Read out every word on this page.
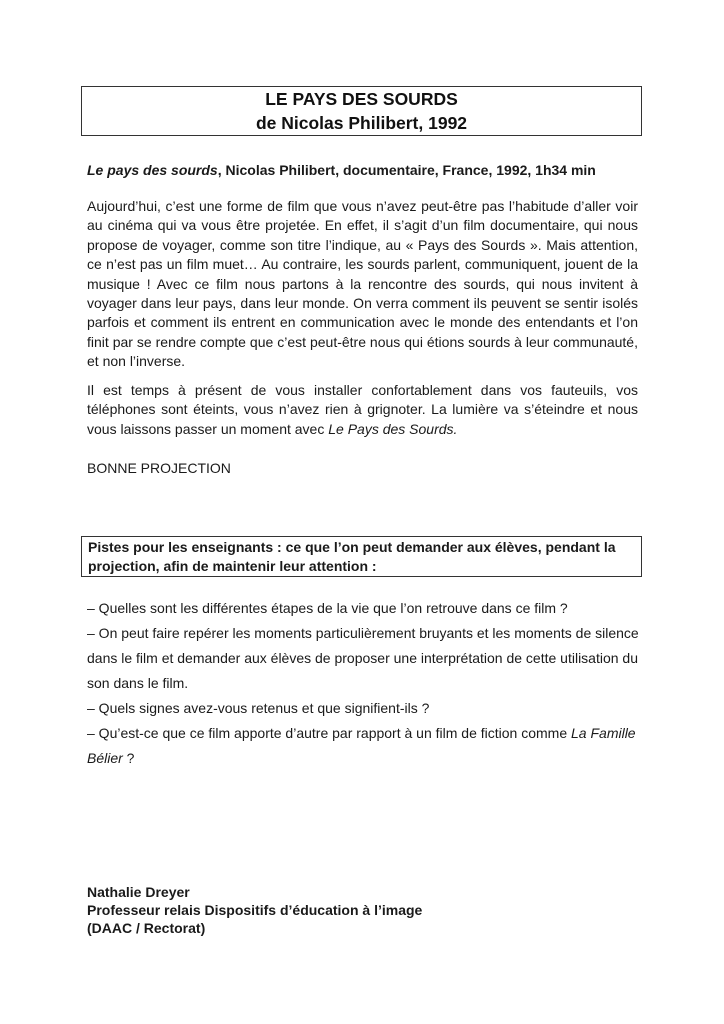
LE PAYS DES SOURDS
de Nicolas Philibert, 1992
Le pays des sourds, Nicolas Philibert, documentaire, France, 1992, 1h34 min

Aujourd’hui, c’est une forme de film que vous n’avez peut-être pas l’habitude d’aller voir au cinéma qui va vous être projetée. En effet, il s’agit d’un film documentaire, qui nous propose de voyager, comme son titre l’indique, au « Pays des Sourds ». Mais attention, ce n’est pas un film muet… Au contraire, les sourds parlent, communiquent, jouent de la musique ! Avec ce film nous partons à la rencontre des sourds, qui nous invitent à voyager dans leur pays, dans leur monde. On verra comment ils peuvent se sentir isolés parfois et comment ils entrent en communication avec le monde des entendants et l’on finit par se rendre compte que c’est peut-être nous qui étions sourds à leur communauté, et non l’inverse.

Il est temps à présent de vous installer confortablement dans vos fauteuils, vos téléphones sont éteints, vous n’avez rien à grignoter. La lumière va s’éteindre et nous vous laissons passer un moment avec Le Pays des Sourds.

BONNE PROJECTION
Pistes pour les enseignants : ce que l’on peut demander aux élèves, pendant la projection, afin de maintenir leur attention :
– Quelles sont les différentes étapes de la vie que l’on retrouve dans ce film ?
– On peut faire repérer les moments particulièrement bruyants et les moments de silence dans le film et demander aux élèves de proposer une interprétation de cette utilisation du son dans le film.
– Quels signes avez-vous retenus et que signifient-ils ?
– Qu’est-ce que ce film apporte d’autre par rapport à un film de fiction comme La Famille Bélier ?
Nathalie Dreyer
Professeur relais Dispositifs d’éducation à l’image
(DAAC / Rectorat)
